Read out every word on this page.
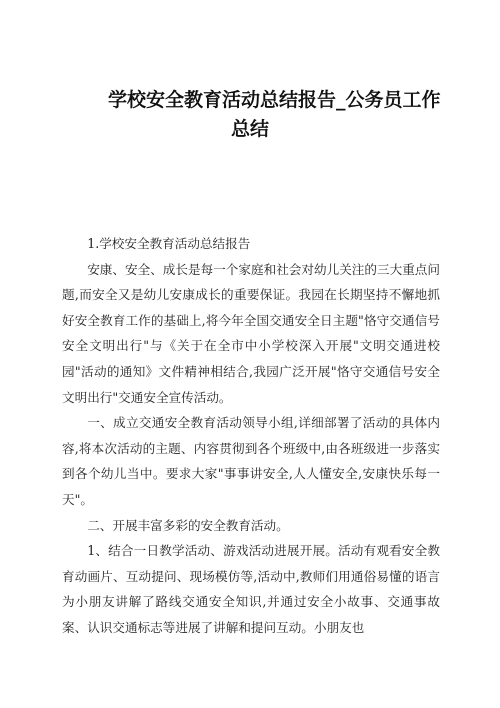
学校安全教育活动总结报告_公务员工作
总结

1.学校安全教育活动总结报告

安康、安全、成长是每一个家庭和社会对幼儿关注的三大重点问题,而安全又是幼儿安康成长的重要保证。我园在长期坚持不懈地抓好安全教育工作的基础上,将今年全国交通安全日主题"恪守交通信号安全文明出行"与《关于在全市中小学校深入开展"文明交通进校园"活动的通知》文件精神相结合,我园广泛开展"恪守交通信号安全文明出行"交通安全宣传活动。

一、成立交通安全教育活动领导小组,详细部署了活动的具体内容,将本次活动的主题、内容贯彻到各个班级中,由各班级进一步落实到各个幼儿当中。要求大家"事事讲安全,人人懂安全,安康快乐每一天"。

二、开展丰富多彩的安全教育活动。

1、结合一日教学活动、游戏活动进展开展。活动有观看安全教育动画片、互动提问、现场模仿等,活动中,教师们用通俗易懂的语言为小朋友讲解了路线交通安全知识,并通过安全小故事、交通事故案、认识交通标志等进展了讲解和提问互动。小朋友也
